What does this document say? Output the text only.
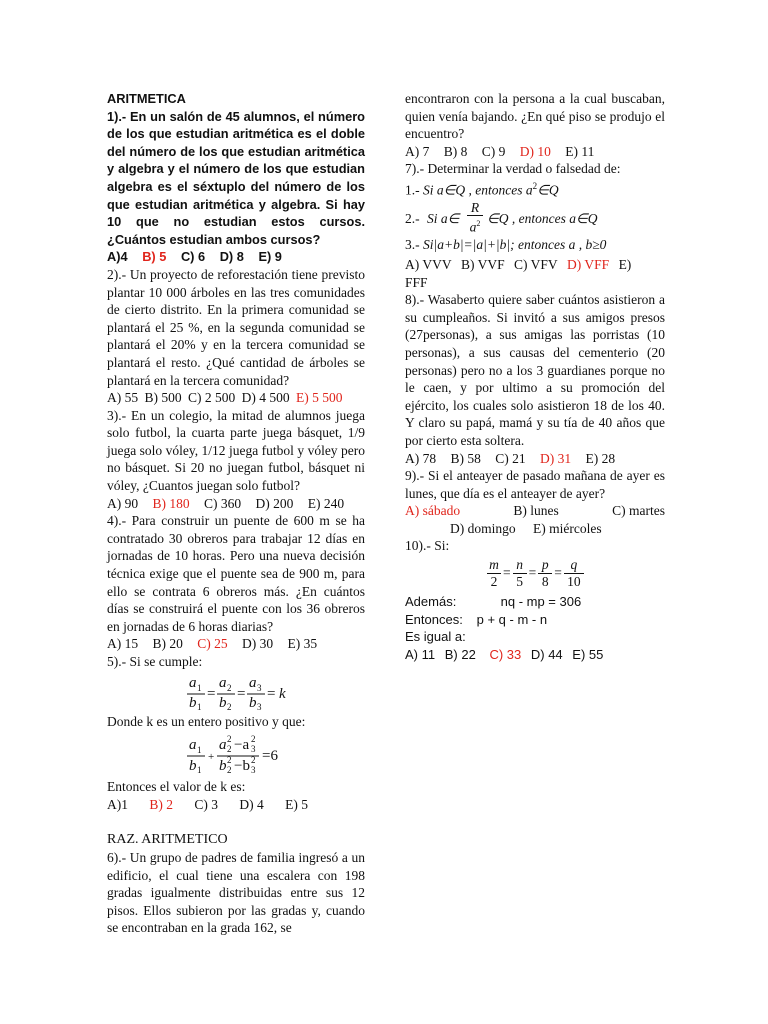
ARITMETICA

1).- En un salón de 45 alumnos, el número de los que estudian aritmética es el doble del número de los que estudian aritmética y algebra y el número de los que estudian algebra es el séxtuplo del número de los que estudian aritmética y algebra. Si hay 10 que no estudian estos cursos. ¿Cuántos estudian ambos cursos?

A)4 B) 5 C) 6 D) 8 E) 9

2).- Un proyecto de reforestación tiene previsto plantar 10 000 árboles en las tres comunidades de cierto distrito. En la primera comunidad se plantará el 25 %, en la segunda comunidad se plantará el 20% y en la tercera comunidad se plantará el resto. ¿Qué cantidad de árboles se plantará en la tercera comunidad?

A) 55 B) 500 C) 2 500 D) 4 500 E) 5 500

3).- En un colegio, la mitad de alumnos juega solo futbol, la cuarta parte juega básquet, 1/9 juega solo vóley, 1/12 juega futbol y vóley pero no básquet. Si 20 no juegan futbol, básquet ni vóley, ¿Cuantos juegan solo futbol?

A) 90 B) 180 C) 360 D) 200 E) 240

4).- Para construir un puente de 600 m se ha contratado 30 obreros para trabajar 12 días en jornadas de 10 horas. Pero una nueva decisión técnica exige que el puente sea de 900 m, para ello se contrata 6 obreros más. ¿En cuántos días se construirá el puente con los 36 obreros en jornadas de 6 horas diarias?

A) 15 B) 20 C) 25 D) 30 E) 35

5).- Si se cumple:

a 1
b 1
=
a 2
b 2
=
a 3
b 3
= k

Donde k es un entero positivo y que:

a 1
b 1
+
a 2
2 −a 3
2
b 2
2 −b 3
2 =6

Entonces el valor de k es:

A)1 B) 2 C) 3 D) 4 E) 5

RAZ. ARITMETICO

6).- Un grupo de padres de familia ingresó a un edificio, el cual tiene una escalera con 198 gradas igualmente distribuidas entre sus 12 pisos. Ellos subieron por las gradas y, cuando se encontraban en la grada 162, se

encontraron con la persona a la cual buscaban, quien venía bajando. ¿En qué piso se produjo el encuentro?

A) 7 B) 8 C) 9 D) 10 E) 11

7).- Determinar la verdad o falsedad de:

1.- Si a∈Q , entonces $a^2\in Q$
2.- Si a∈
R
$a^2$ ∈Q , entonces a∈Q
3.- Si|a+b|=|a|+|b|; entonces a , b≥0
A) VVV B) VVF C) VFV D) VFF E) FFF

8).- Wasaberto quiere saber cuántos asistieron a su cumpleaños. Si invitó a sus amigos presos (27personas), a sus amigas las porristas (10 personas), a sus causas del cementerio (20 personas) pero no a los 3 guardianes porque no le caen, y por ultimo a su promoción del ejército, los cuales solo asistieron 18 de los 40. Y claro su papá, mamá y su tía de 40 años que por cierto esta soltera.

A) 78 B) 58 C) 21 D) 31 E) 28

9).- Si el anteayer de pasado mañana de ayer es lunes, que día es el anteayer de ayer?

A) sábado	B) lunes	C) martes
D) domingo E) miércoles

10).- Si:

$\frac{m}{2} = \frac{n}{5} = \frac{p}{8} = \frac{q}{10}$
Además:	nq - mp = 306
Entonces: p + q - m - n

Es igual a:

A) 11 B) 22 C) 33 D) 44 E) 55
